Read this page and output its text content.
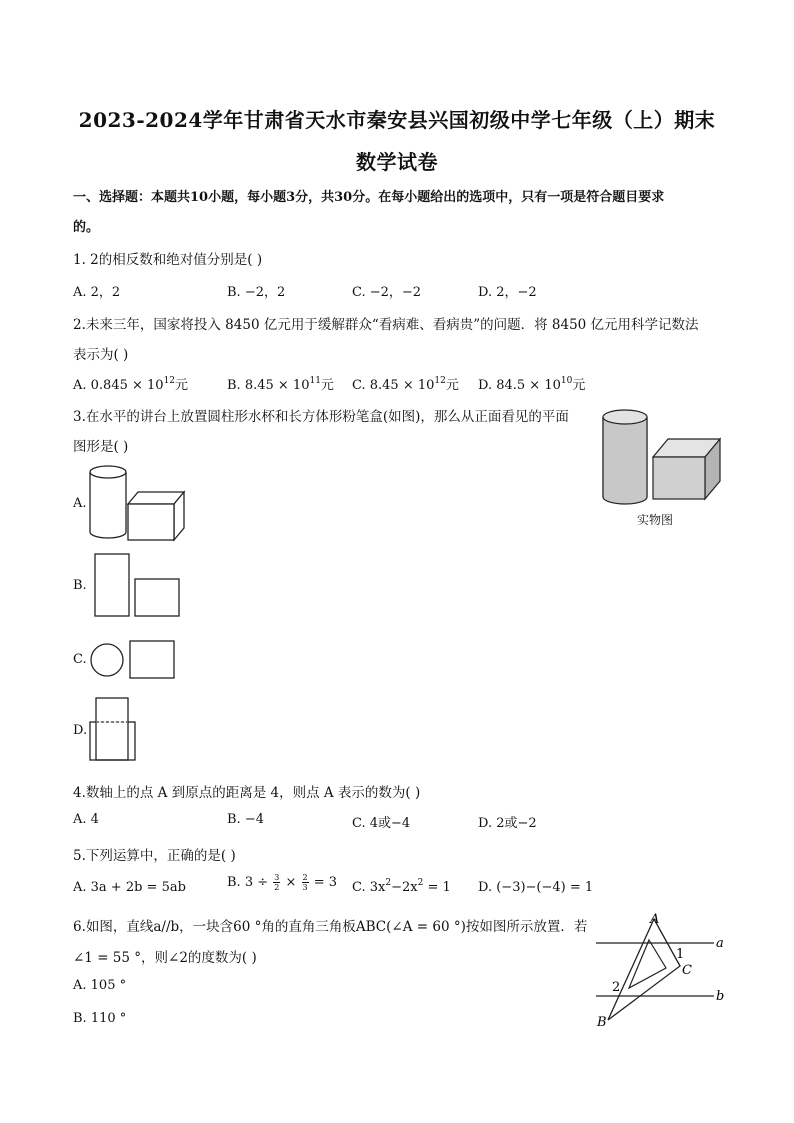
2023-2024学年甘肃省天水市秦安县兴国初级中学七年级（上）期末
数学试卷
一、选择题：本题共10小题，每小题3分，共30分。在每小题给出的选项中，只有一项是符合题目要求
的。
1. 2的相反数和绝对值分别是( )
A. 2，2	B. −2，2	C. −2，−2	D. 2，−2
2.未来三年，国家将投入 8450 亿元用于缓解群众“看病难、看病贵”的问题．将 8450 亿元用科学记数法
表示为( )
A. $0.845 \times 10^{12}$元	B. $8.45 \times 10^{11}$元 C. $8.45 \times 10^{12}$元 D. $84.5 \times 10^{10}$元
3.在水平的讲台上放置圆柱形水杯和长方体形粉笔盒(如图)，那么从正面看见的平面
图形是( )
实物图
A.
B.
C.
D.
4.数轴上的点 A 到原点的距离是 4，则点 A 表示的数为( )
A. 4	B. −4	C. 4或−4	D. 2或−2
5.下列运算中，正确的是( )
A. 3a + 2b = 5ab	B. $3 \div \frac{3}{2} \times \frac{2}{3} = 3$ C. $3x^2-2x^2 = 1$ D. (−3)−(−4) = 1
6.如图，直线a//b，一块含60 °角的直角三角板ABC(∠A = 60 °)按如图所示放置．若
∠1 = 55 °，则∠2的度数为( )
A. 105 °
B. 110 °
A
B
C
a
b
1
2
